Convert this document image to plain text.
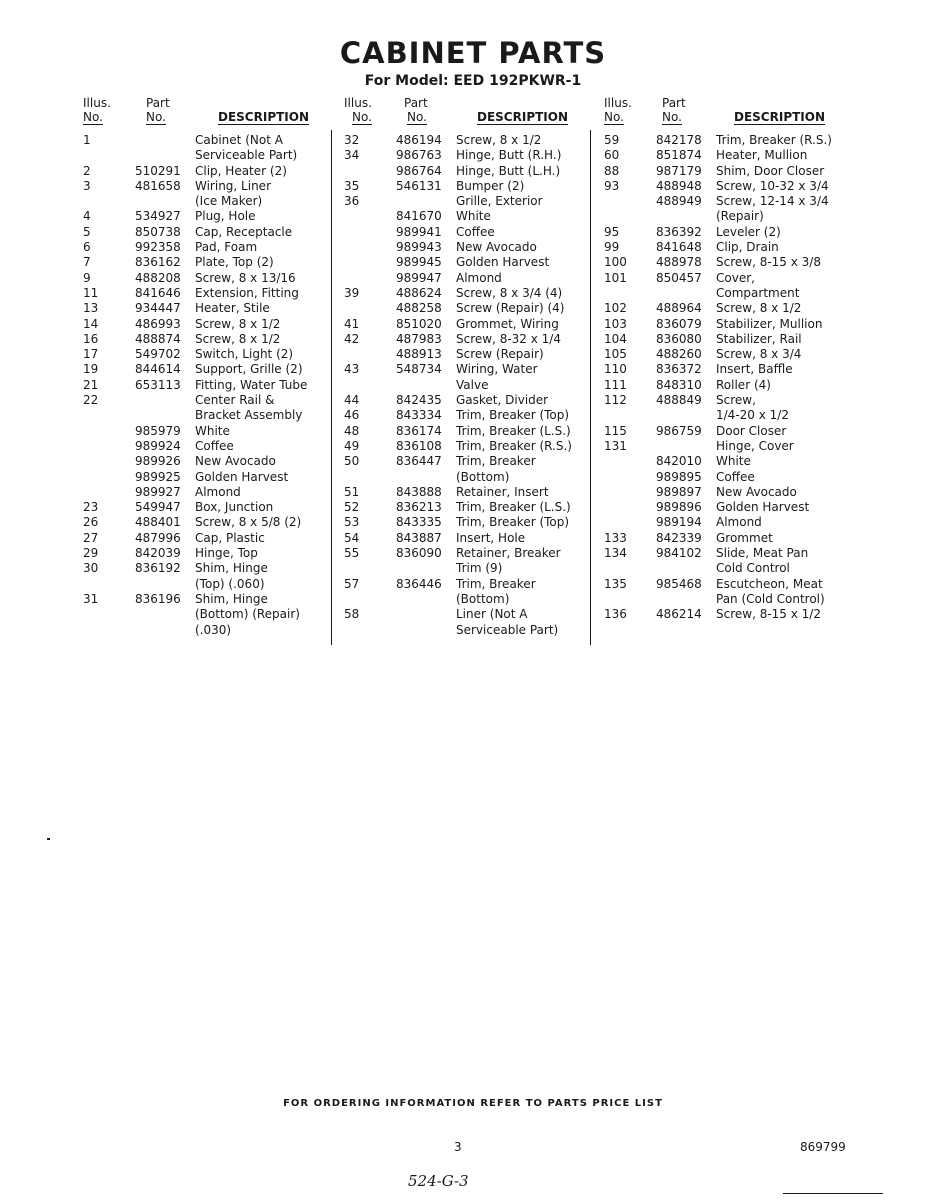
CABINET PARTS
For Model: EED 192PKWR-1
Illus.
No.
Part
No.	DESCRIPTION
1	Cabinet (Not A
Serviceable Part)
2	510291 Clip, Heater (2)
3	481658 Wiring, Liner
(Ice Maker)
4	534927 Plug, Hole
5	850738 Cap, Receptacle
6	992358 Pad, Foam
7	836162 Plate, Top (2)
9	488208 Screw, 8 x 13/16
11	841646 Extension, Fitting
13	934447 Heater, Stile
14	486993 Screw, 8 x 1/2
16	488874 Screw, 8 x 1/2
17	549702 Switch, Light (2)
19	844614 Support, Grille (2)
21	653113 Fitting, Water Tube
22	Center Rail &
Bracket Assembly
985979 White
989924 Coffee
989926 New Avocado
989925 Golden Harvest
989927 Almond
23	549947 Box, Junction
26	488401 Screw, 8 x 5/8 (2)
27	487996 Cap, Plastic
29	842039 Hinge, Top
30	836192 Shim, Hinge
(Top) (.060)
31	836196 Shim, Hinge
(Bottom) (Repair)
(.030)
Illus.
No.
Part
No.	DESCRIPTION
32	486194 Screw, 8 x 1/2
34	986763 Hinge, Butt (R.H.)
986764 Hinge, Butt (L.H.)
35	546131 Bumper (2)
36	Grille, Exterior
841670 White
989941 Coffee
989943 New Avocado
989945 Golden Harvest
989947 Almond
39	488624 Screw, 8 x 3/4 (4)
488258 Screw (Repair) (4)
41	851020 Grommet, Wiring
42	487983 Screw, 8-32 x 1/4
488913 Screw (Repair)
43	548734 Wiring, Water
Valve
44	842435 Gasket, Divider
46	843334 Trim, Breaker (Top)
48	836174 Trim, Breaker (L.S.)
49	836108 Trim, Breaker (R.S.)
50	836447 Trim, Breaker
(Bottom)
51	843888 Retainer, Insert
52	836213 Trim, Breaker (L.S.)
53	843335 Trim, Breaker (Top)
54	843887 Insert, Hole
55	836090 Retainer, Breaker
Trim (9)
57	836446 Trim, Breaker
(Bottom)
58	Liner (Not A
Serviceable Part)
Illus.
No.
Part
No.	DESCRIPTION
59	842178 Trim, Breaker (R.S.)
60	851874 Heater, Mullion
88	987179 Shim, Door Closer
93	488948 Screw, 10-32 x 3/4
488949 Screw, 12-14 x 3/4
(Repair)
95	836392 Leveler (2)
99	841648 Clip, Drain
100 488978 Screw, 8-15 x 3/8
101 850457 Cover,
Compartment
102 488964 Screw, 8 x 1/2
103 836079 Stabilizer, Mullion
104 836080 Stabilizer, Rail
105 488260 Screw, 8 x 3/4
110 836372 Insert, Baffle
111 848310 Roller (4)
112 488849 Screw,
1/4-20 x 1/2
115 986759 Door Closer
131	Hinge, Cover
842010 White
989895 Coffee
989897 New Avocado
989896 Golden Harvest
989194 Almond
133 842339 Grommet
134 984102 Slide, Meat Pan
Cold Control
135 985468 Escutcheon, Meat
Pan (Cold Control)
136 486214 Screw, 8-15 x 1/2
FOR ORDERING INFORMATION REFER TO PARTS PRICE LIST
3	869799
524-G-3
